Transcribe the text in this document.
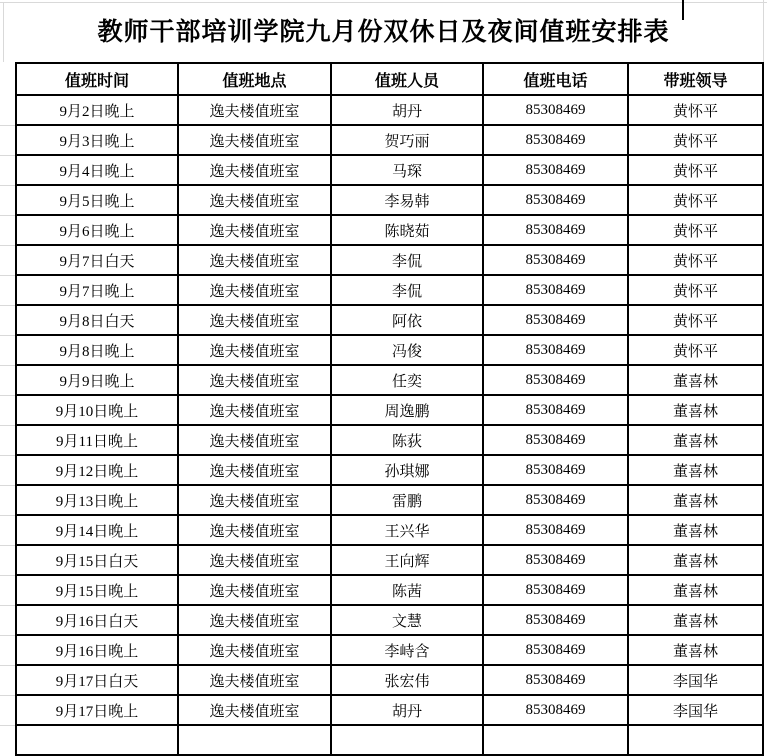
教师干部培训学院九月份双休日及夜间值班安排表
值班时间	值班地点	值班人员	值班电话	带班领导
9月2日晚上	逸夫楼值班室	胡丹	85308469	黄怀平
9月3日晚上	逸夫楼值班室	贺巧丽	85308469	黄怀平
9月4日晚上	逸夫楼值班室	马琛	85308469	黄怀平
9月5日晚上	逸夫楼值班室	李易韩	85308469	黄怀平
9月6日晚上	逸夫楼值班室	陈晓茹	85308469	黄怀平
9月7日白天	逸夫楼值班室	李侃	85308469	黄怀平
9月7日晚上	逸夫楼值班室	李侃	85308469	黄怀平
9月8日白天	逸夫楼值班室	阿依	85308469	黄怀平
9月8日晚上	逸夫楼值班室	冯俊	85308469	黄怀平
9月9日晚上	逸夫楼值班室	任奕	85308469	董喜林
9月10日晚上	逸夫楼值班室	周逸鹏	85308469	董喜林
9月11日晚上	逸夫楼值班室	陈荻	85308469	董喜林
9月12日晚上	逸夫楼值班室	孙琪娜	85308469	董喜林
9月13日晚上	逸夫楼值班室	雷鹏	85308469	董喜林
9月14日晚上	逸夫楼值班室	王兴华	85308469	董喜林
9月15日白天	逸夫楼值班室	王向辉	85308469	董喜林
9月15日晚上	逸夫楼值班室	陈茜	85308469	董喜林
9月16日白天	逸夫楼值班室	文慧	85308469	董喜林
9月16日晚上	逸夫楼值班室	李峙含	85308469	董喜林
9月17日白天	逸夫楼值班室	张宏伟	85308469	李国华
9月17日晚上	逸夫楼值班室	胡丹	85308469	李国华
